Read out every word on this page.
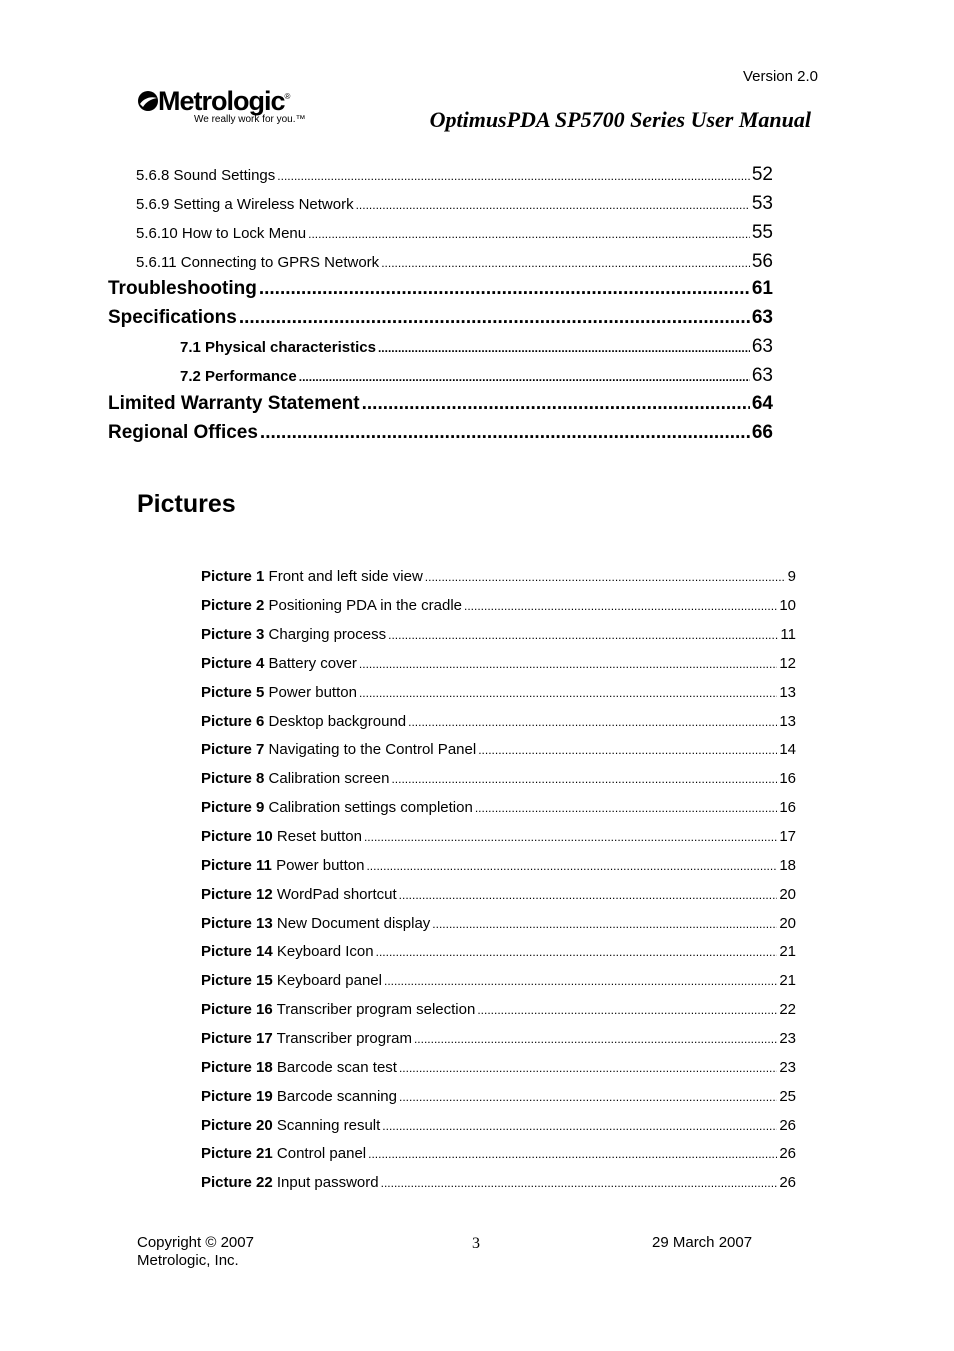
Version 2.0
Metrologic®
We really work for you.™	OptimusPDA SP5700 Series User Manual
5.6.8 Sound Settings .....	52
5.6.9 Setting a Wireless Network .....	53
5.6.10 How to Lock Menu .....	55
5.6.11 Connecting to GPRS Network .....	56
Troubleshooting .....	61
Specifications .....	63
7.1 Physical characteristics .....	63
7.2 Performance .....	63
Limited Warranty Statement .....	64
Regional Offices .....	66
Pictures
Picture 1 Front and left side view .....	9
Picture 2 Positioning PDA in the cradle .....	10
Picture 3 Charging process .....	11
Picture 4 Battery cover .....	12
Picture 5 Power button .....	13
Picture 6 Desktop background .....	13
Picture 7 Navigating to the Control Panel .....	14
Picture 8 Calibration screen .....	16
Picture 9 Calibration settings completion .....	16
Picture 10 Reset button .....	17
Picture 11 Power button .....	18
Picture 12 WordPad shortcut .....	20
Picture 13 New Document display .....	20
Picture 14 Keyboard Icon .....	21
Picture 15 Keyboard panel .....	21
Picture 16 Transcriber program selection .....	22
Picture 17 Transcriber program .....	23
Picture 18 Barcode scan test .....	23
Picture 19 Barcode scanning .....	25
Picture 20 Scanning result .....	26
Picture 21 Control panel .....	26
Picture 22 Input password .....	26
Copyright © 2007
Metrologic, Inc.
3	29 March 2007
